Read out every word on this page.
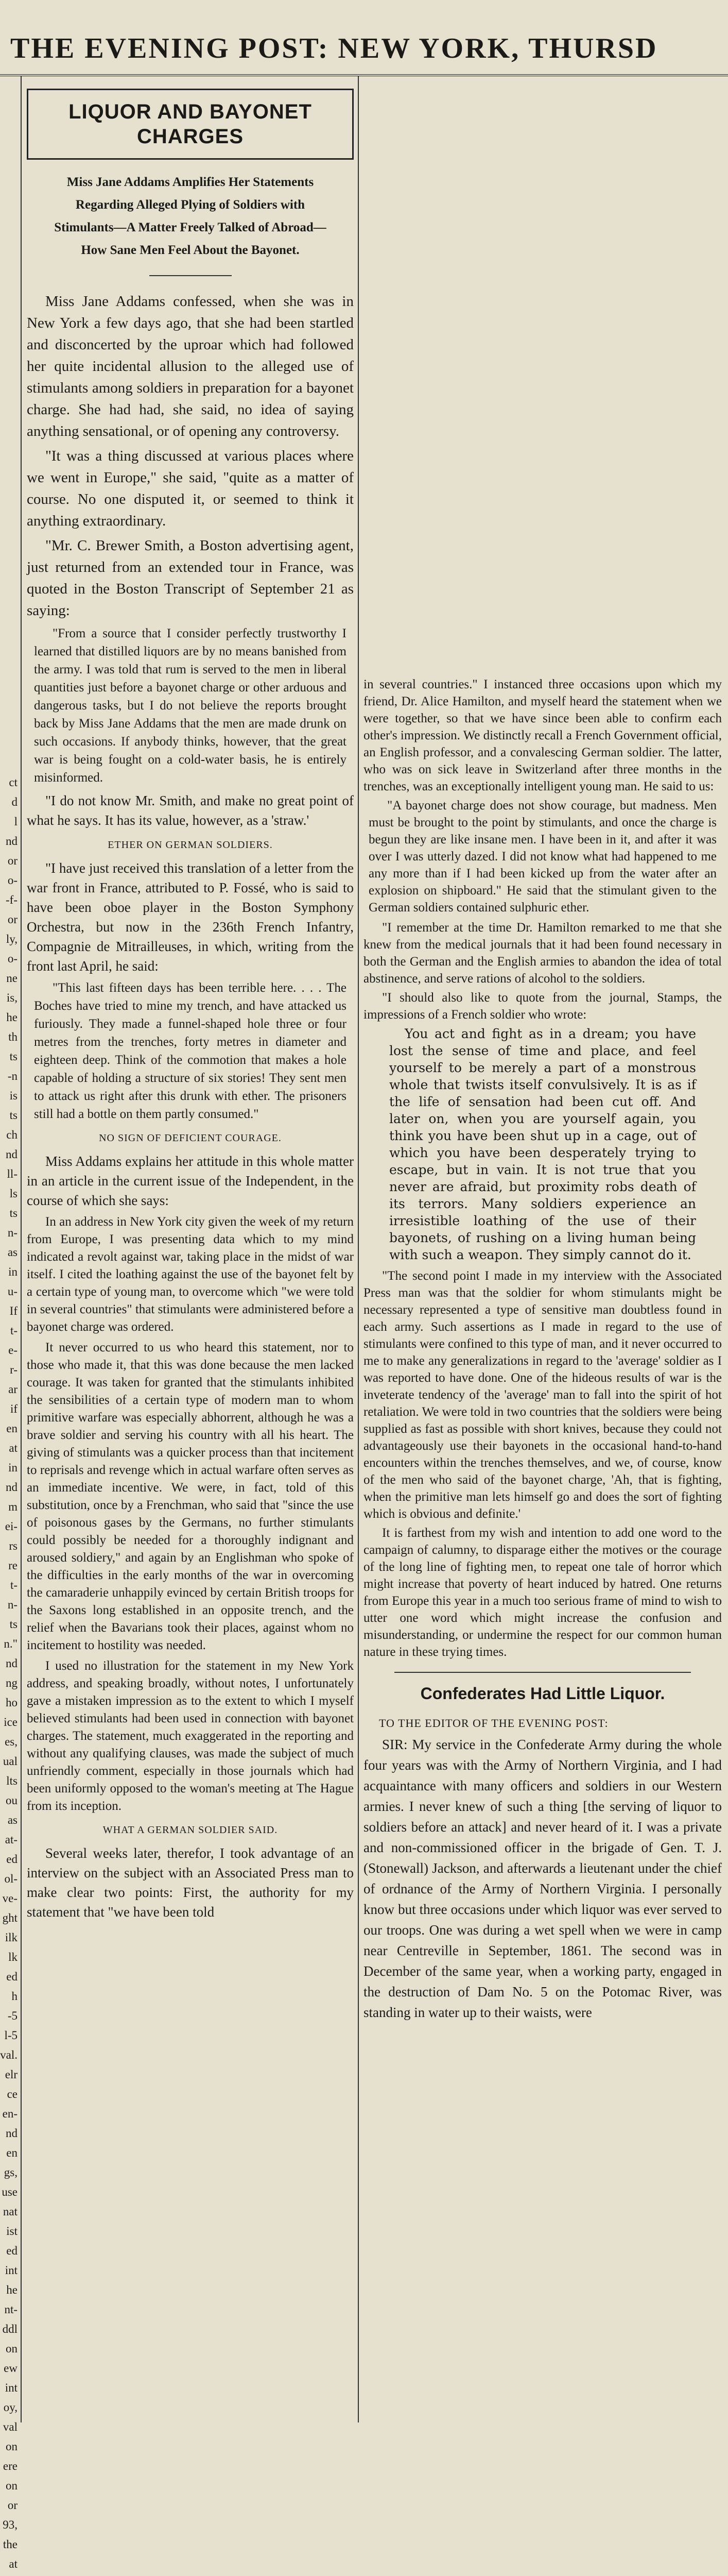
THE EVENING POST: NEW YORK, THURSD
ct
d
l
nd
or
o-
-f-
or
ly,
o-
ne
is,
he
th
ts
-n
is
ts
ch
nd
ll-
ls
ts
n-
as
in
u-
If
t-
e-
r-
ar
if
en
at
in
nd
m
ei-
rs
re
t-
n-
ts
n."
nd
ng
ho
ice
es,
ual
lts
ou
as
at-
ed
ol-
ve-
ght
ilk
lk
ed
h
-5
l-5
val.
elr
ce
en-
nd
en
gs,
use
nat
ist
ed
int
he
nt-
ddl
on
ew
int
oy,
val
on
ere
on
or
93,
the
at
LIQUOR AND BAYONET CHARGES
Miss Jane Addams Amplifies Her Statements Regarding Alleged Plying of Soldiers with Stimulants—A Matter Freely Talked of Abroad—How Sane Men Feel About the Bayonet.

Miss Jane Addams confessed, when she was in New York a few days ago, that she had been startled and disconcerted by the uproar which had followed her quite incidental allusion to the alleged use of stimulants among soldiers in preparation for a bayonet charge. She had had, she said, no idea of saying anything sensational, or of opening any controversy.

"It was a thing discussed at various places where we went in Europe," she said, "quite as a matter of course. No one disputed it, or seemed to think it anything extraordinary.

"Mr. C. Brewer Smith, a Boston advertising agent, just returned from an extended tour in France, was quoted in the Boston Transcript of September 21 as saying:

"From a source that I consider perfectly trustworthy I learned that distilled liquors are by no means banished from the army. I was told that rum is served to the men in liberal quantities just before a bayonet charge or other arduous and dangerous tasks, but I do not believe the reports brought back by Miss Jane Addams that the men are made drunk on such occasions. If anybody thinks, however, that the great war is being fought on a cold-water basis, he is entirely misinformed.

"I do not know Mr. Smith, and make no great point of what he says. It has its value, however, as a 'straw.'

ETHER ON GERMAN SOLDIERS.

"I have just received this translation of a letter from the war front in France, attributed to P. Fossé, who is said to have been oboe player in the Boston Symphony Orchestra, but now in the 236th French Infantry, Compagnie de Mitrailleuses, in which, writing from the front last April, he said:

"This last fifteen days has been terrible here. . . . The Boches have tried to mine my trench, and have attacked us furiously. They made a funnel-shaped hole three or four metres from the trenches, forty metres in diameter and eighteen deep. Think of the commotion that makes a hole capable of holding a structure of six stories! They sent men to attack us right after this drunk with ether. The prisoners still had a bottle on them partly consumed."

NO SIGN OF DEFICIENT COURAGE.

Miss Addams explains her attitude in this whole matter in an article in the current issue of the Independent, in the course of which she says:

In an address in New York city given the week of my return from Europe, I was presenting data which to my mind indicated a revolt against war, taking place in the midst of war itself. I cited the loathing against the use of the bayonet felt by a certain type of young man, to overcome which "we were told in several countries" that stimulants were administered before a bayonet charge was ordered.

It never occurred to us who heard this statement, nor to those who made it, that this was done because the men lacked courage. It was taken for granted that the stimulants inhibited the sensibilities of a certain type of modern man to whom primitive warfare was especially abhorrent, although he was a brave soldier and serving his country with all his heart. The giving of stimulants was a quicker process than that incitement to reprisals and revenge which in actual warfare often serves as an immediate incentive. We were, in fact, told of this substitution, once by a Frenchman, who said that "since the use of poisonous gases by the Germans, no further stimulants could possibly be needed for a thoroughly indignant and aroused soldiery," and again by an Englishman who spoke of the difficulties in the early months of the war in overcoming the camaraderie unhappily evinced by certain British troops for the Saxons long established in an opposite trench, and the relief when the Bavarians took their places, against whom no incitement to hostility was needed.

I used no illustration for the statement in my New York address, and speaking broadly, without notes, I unfortunately gave a mistaken impression as to the extent to which I myself believed stimulants had been used in connection with bayonet charges. The statement, much exaggerated in the reporting and without any qualifying clauses, was made the subject of much unfriendly comment, especially in those journals which had been uniformly opposed to the woman's meeting at The Hague from its inception.

WHAT A GERMAN SOLDIER SAID.

Several weeks later, therefor, I took advantage of an interview on the subject with an Associated Press man to make clear two points: First, the authority for my statement that "we have been told

in several countries." I instanced three occasions upon which my friend, Dr. Alice Hamilton, and myself heard the statement when we were together, so that we have since been able to confirm each other's impression. We distinctly recall a French Government official, an English professor, and a convalescing German soldier. The latter, who was on sick leave in Switzerland after three months in the trenches, was an exceptionally intelligent young man. He said to us:

"A bayonet charge does not show courage, but madness. Men must be brought to the point by stimulants, and once the charge is begun they are like insane men. I have been in it, and after it was over I was utterly dazed. I did not know what had happened to me any more than if I had been kicked up from the water after an explosion on shipboard." He said that the stimulant given to the German soldiers contained sulphuric ether.

"I remember at the time Dr. Hamilton remarked to me that she knew from the medical journals that it had been found necessary in both the German and the English armies to abandon the idea of total abstinence, and serve rations of alcohol to the soldiers.

"I should also like to quote from the journal, Stamps, the impressions of a French soldier who wrote:

You act and fight as in a dream; you have lost the sense of time and place, and feel yourself to be merely a part of a monstrous whole that twists itself convulsively. It is as if the life of sensation had been cut off. And later on, when you are yourself again, you think you have been shut up in a cage, out of which you have been desperately trying to escape, but in vain. It is not true that you never are afraid, but proximity robs death of its terrors. Many soldiers experience an irresistible loathing of the use of their bayonets, of rushing on a living human being with such a weapon. They simply cannot do it.

"The second point I made in my interview with the Associated Press man was that the soldier for whom stimulants might be necessary represented a type of sensitive man doubtless found in each army. Such assertions as I made in regard to the use of stimulants were confined to this type of man, and it never occurred to me to make any generalizations in regard to the 'average' soldier as I was reported to have done. One of the hideous results of war is the inveterate tendency of the 'average' man to fall into the spirit of hot retaliation. We were told in two countries that the soldiers were being supplied as fast as possible with short knives, because they could not advantageously use their bayonets in the occasional hand-to-hand encounters within the trenches themselves, and we, of course, know of the men who said of the bayonet charge, 'Ah, that is fighting, when the primitive man lets himself go and does the sort of fighting which is obvious and definite.'

It is farthest from my wish and intention to add one word to the campaign of calumny, to disparage either the motives or the courage of the long line of fighting men, to repeat one tale of horror which might increase that poverty of heart induced by hatred. One returns from Europe this year in a much too serious frame of mind to wish to utter one word which might increase the confusion and misunderstanding, or undermine the respect for our common human nature in these trying times.

Confederates Had Little Liquor.
TO THE EDITOR OF THE EVENING POST:

SIR: My service in the Confederate Army during the whole four years was with the Army of Northern Virginia, and I had acquaintance with many officers and soldiers in our Western armies. I never knew of such a thing [the serving of liquor to soldiers before an attack] and never heard of it. I was a private and non-commissioned officer in the brigade of Gen. T. J. (Stonewall) Jackson, and afterwards a lieutenant under the chief of ordnance of the Army of Northern Virginia. I personally know but three occasions under which liquor was ever served to our troops. One was during a wet spell when we were in camp near Centreville in September, 1861. The second was in December of the same year, when a working party, engaged in the destruction of Dam No. 5 on the Potomac River, was standing in water up to their waists, were
